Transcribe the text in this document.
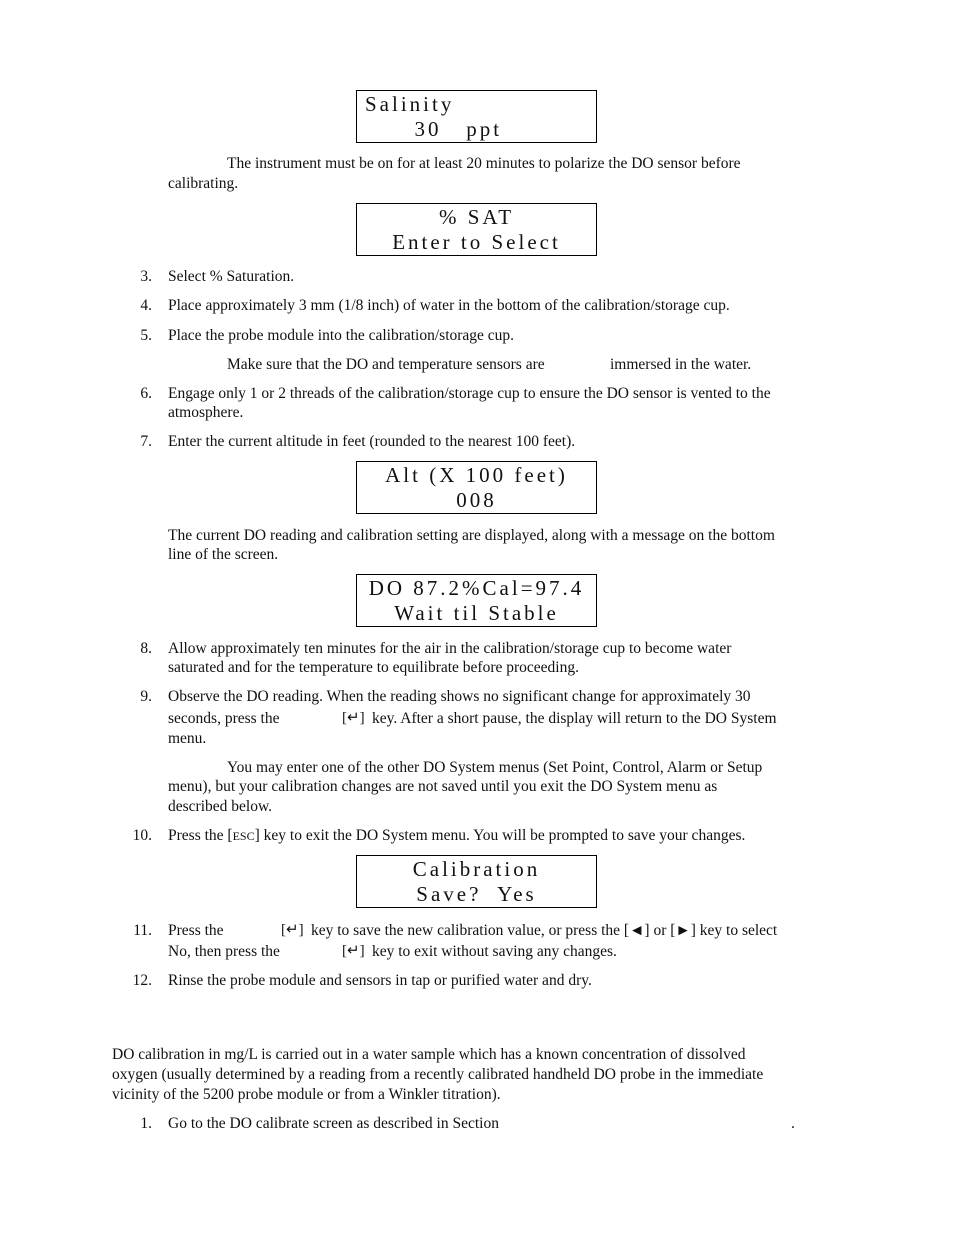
Salinity

30   ppt

The instrument must be on for at least 20 minutes to polarize the DO sensor before
calibrating.

% SAT

Enter to Select

3. Select % Saturation.
4. Place approximately 3 mm (1/8 inch) of water in the bottom of the calibration/storage cup.
5. Place the probe module into the calibration/storage cup.
Make sure that the DO and temperature sensors are	immersed in the water.
6. Engage only 1 or 2 threads of the calibration/storage cup to ensure the DO sensor is vented to the
atmosphere.
7. Enter the current altitude in feet (rounded to the nearest 100 feet).

Alt (X 100 feet)

008

The current DO reading and calibration setting are displayed, along with a message on the bottom
line of the screen.

DO 87.2%Cal=97.4

Wait til Stable

8. Allow approximately ten minutes for the air in the calibration/storage cup to become water
saturated and for the temperature to equilibrate before proceeding.
9. Observe the DO reading. When the reading shows no significant change for approximately 30
seconds, press the	[↵] key. After a short pause, the display will return to the DO System
menu.
You may enter one of the other DO System menus (Set Point, Control, Alarm or Setup
menu), but your calibration changes are not saved until you exit the DO System menu as
described below.
10. Press the [ESC] key to exit the DO System menu. You will be prompted to save your changes.

Calibration

Save?  Yes

11. Press the	[↵] key to save the new calibration value, or press the [◄] or [►] key to select
No, then press the	[↵] key to exit without saving any changes.
12. Rinse the probe module and sensors in tap or purified water and dry.
DO calibration in mg/L is carried out in a water sample which has a known concentration of dissolved
oxygen (usually determined by a reading from a recently calibrated handheld DO probe in the immediate
vicinity of the 5200 probe module or from a Winkler titration).
1. Go to the DO calibrate screen as described in Section	.
